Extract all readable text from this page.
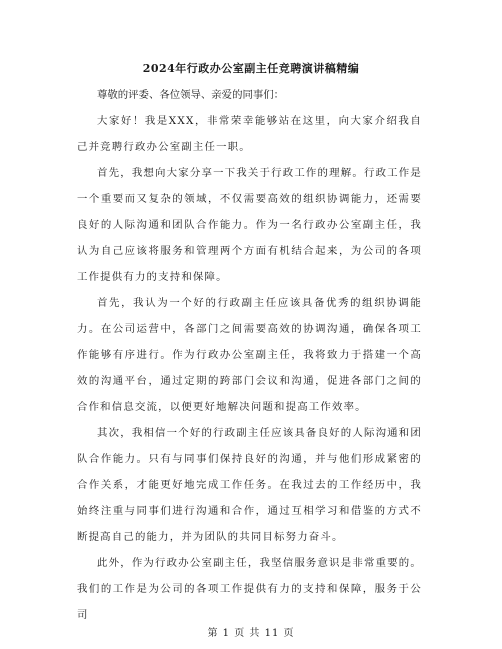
2024年行政办公室副主任竞聘演讲稿精编

尊敬的评委、各位领导、亲爱的同事们：

大家好！我是XXX，非常荣幸能够站在这里，向大家介绍我自己并竞聘行政办公室副主任一职。

首先，我想向大家分享一下我关于行政工作的理解。行政工作是一个重要而又复杂的领域，不仅需要高效的组织协调能力，还需要良好的人际沟通和团队合作能力。作为一名行政办公室副主任，我认为自己应该将服务和管理两个方面有机结合起来，为公司的各项工作提供有力的支持和保障。

首先，我认为一个好的行政副主任应该具备优秀的组织协调能力。在公司运营中，各部门之间需要高效的协调沟通，确保各项工作能够有序进行。作为行政办公室副主任，我将致力于搭建一个高效的沟通平台，通过定期的跨部门会议和沟通，促进各部门之间的合作和信息交流，以便更好地解决问题和提高工作效率。

其次，我相信一个好的行政副主任应该具备良好的人际沟通和团队合作能力。只有与同事们保持良好的沟通，并与他们形成紧密的合作关系，才能更好地完成工作任务。在我过去的工作经历中，我始终注重与同事们进行沟通和合作，通过互相学习和借鉴的方式不断提高自己的能力，并为团队的共同目标努力奋斗。

此外，作为行政办公室副主任，我坚信服务意识是非常重要的。我们的工作是为公司的各项工作提供有力的支持和保障，服务于公司

第 1 页 共 11 页
